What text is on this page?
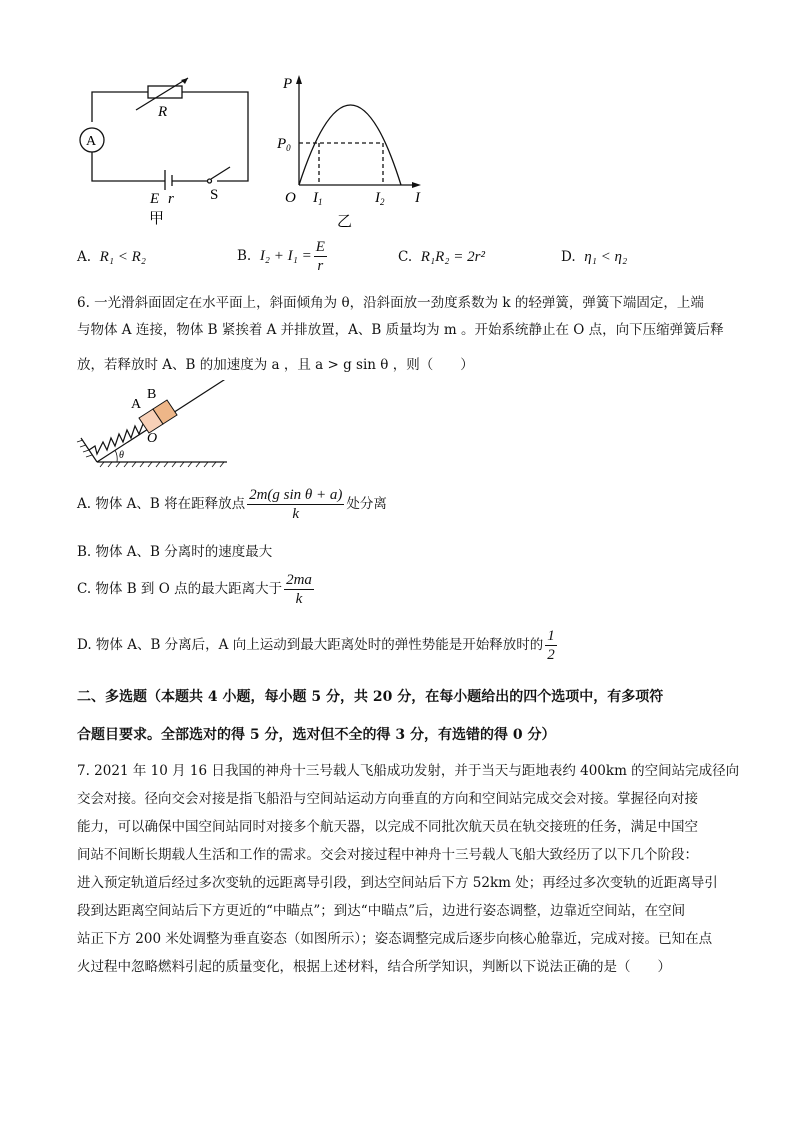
R
A
E r S
甲
P
$P_0$
O $I_1$	$I_2$ I
乙
A. R₁ < R₂	B. $I_2 + I_1 = \frac{E}{r}$	C. R₁R₂ = 2r²	D. η₁ < η₂
6. 一光滑斜面固定在水平面上，斜面倾角为 θ，沿斜面放一劲度系数为 k 的轻弹簧，弹簧下端固定，上端
与物体 A 连接，物体 B 紧挨着 A 并排放置，A、B 质量均为 m 。开始系统静止在 O 点，向下压缩弹簧后释
放，若释放时 A、B 的加速度为 a ，且 a > g sin θ ，则（　　）
A
B
O
θ
A. 物体 A、B 将在距释放点 $\frac{\text{2m(g sin θ + a)}}{k}$ 处分离
B. 物体 A、B 分离时的速度最大
C. 物体 B 到 O 点的最大距离大于 $\frac{2ma}{k}$
D. 物体 A、B 分离后，A 向上运动到最大距离处时的弹性势能是开始释放时的 $\frac{1}{2}$
二、多选题（本题共 4 小题，每小题 5 分，共 20 分，在每小题给出的四个选项中，有多项符
合题目要求。全部选对的得 5 分，选对但不全的得 3 分，有选错的得 0 分）
7. 2021 年 10 月 16 日我国的神舟十三号载人飞船成功发射，并于当天与距地表约 400km 的空间站完成径向
交会对接。径向交会对接是指飞船沿与空间站运动方向垂直的方向和空间站完成交会对接。掌握径向对接
能力，可以确保中国空间站同时对接多个航天器，以完成不同批次航天员在轨交接班的任务，满足中国空
间站不间断长期载人生活和工作的需求。交会对接过程中神舟十三号载人飞船大致经历了以下几个阶段：
进入预定轨道后经过多次变轨的远距离导引段，到达空间站后下方 52km 处；再经过多次变轨的近距离导引
段到达距离空间站后下方更近的“中瞄点”；到达“中瞄点”后，边进行姿态调整，边靠近空间站，在空间
站正下方 200 米处调整为垂直姿态（如图所示）；姿态调整完成后逐步向核心舱靠近，完成对接。已知在点
火过程中忽略燃料引起的质量变化，根据上述材料，结合所学知识，判断以下说法正确的是（　　）
